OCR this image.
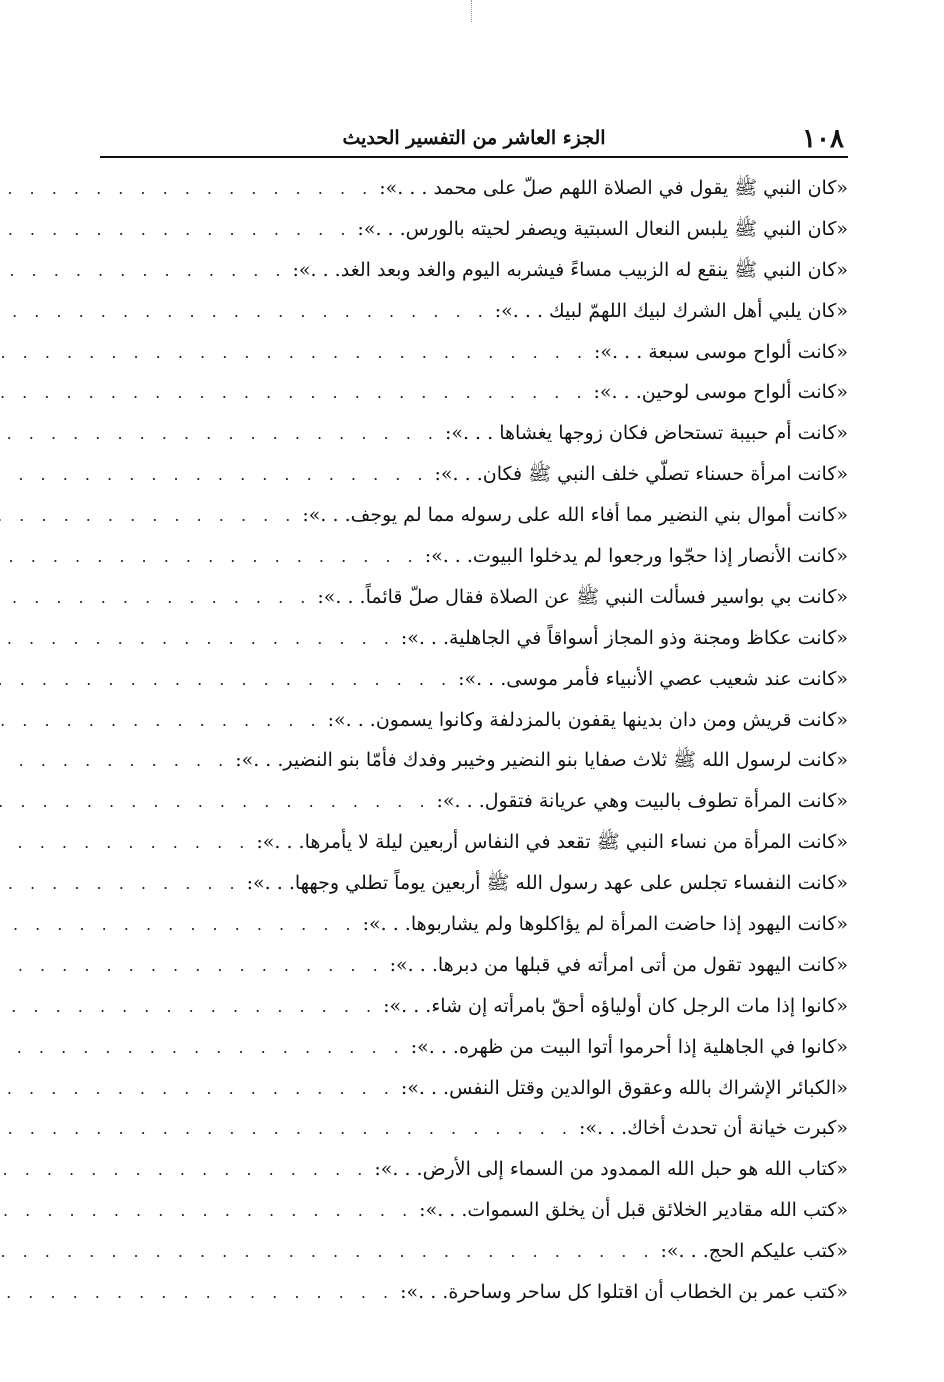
١٠٨
الجزء العاشر من التفسير الحديث
«كان النبي ﷺ يقول في الصلاة اللهم صلّ على محمد . . .»:
. . .
«كان النبي ﷺ يلبس النعال السبتية ويصفر لحيته بالورس. . .»:
. . .
«كان النبي ﷺ ينقع له الزبيب مساءً فيشربه اليوم والغد وبعد الغد. . .»:
. . .
«كان يلبي أهل الشرك لبيك اللهمّ لبيك . . .»:
. . .
«كانت ألواح موسى سبعة . . .»:
. . .
«كانت ألواح موسى لوحين. . .»:
. . .
«كانت أم حبيبة تستحاض فكان زوجها يغشاها . . .»:
. . .
«كانت امرأة حسناء تصلّي خلف النبي ﷺ فكان. . .»:
. . .
«كانت أموال بني النضير مما أفاء الله على رسوله مما لم يوجف. . .»:
. . .
«كانت الأنصار إذا حجّوا ورجعوا لم يدخلوا البيوت. . .»:
. . .
«كانت بي بواسير فسألت النبي ﷺ عن الصلاة فقال صلّ قائماً. . .»:
. . .
«كانت عكاظ ومجنة وذو المجاز أسواقاً في الجاهلية. . .»:
. . .
«كانت عند شعيب عصي الأنبياء فأمر موسى. . .»:
. . .
«كانت قريش ومن دان بدينها يقفون بالمزدلفة وكانوا يسمون. . .»:
. . .
«كانت لرسول الله ﷺ ثلاث صفايا بنو النضير وخيبر وفدك فأمّا بنو النضير. . .»:
. . .
«كانت المرأة تطوف بالبيت وهي عريانة فتقول. . .»:
. . .
«كانت المرأة من نساء النبي ﷺ تقعد في النفاس أربعين ليلة لا يأمرها. . .»:
. . .
«كانت النفساء تجلس على عهد رسول الله ﷺ أربعين يوماً تطلي وجهها. . .»:
. . .
«كانت اليهود إذا حاضت المرأة لم يؤاكلوها ولم يشاربوها. . .»:
. . .
«كانت اليهود تقول من أتى امرأته في قبلها من دبرها. . .»:
. . .
«كانوا إذا مات الرجل كان أولياؤه أحقّ بامرأته إن شاء. . .»:
. . .
«كانوا في الجاهلية إذا أحرموا أتوا البيت من ظهره. . .»:
. . .
«الكبائر الإشراك بالله وعقوق الوالدين وقتل النفس. . .»:
. . .
«كبرت خيانة أن تحدث أخاك. . .»:
. . .
«كتاب الله هو حبل الله الممدود من السماء إلى الأرض. . .»:
. . .
«كتب الله مقادير الخلائق قبل أن يخلق السموات. . .»:
. . .
«كتب عليكم الحج. . .»:
. . .
«كتب عمر بن الخطاب أن اقتلوا كل ساحر وساحرة. . .»:
. . .
